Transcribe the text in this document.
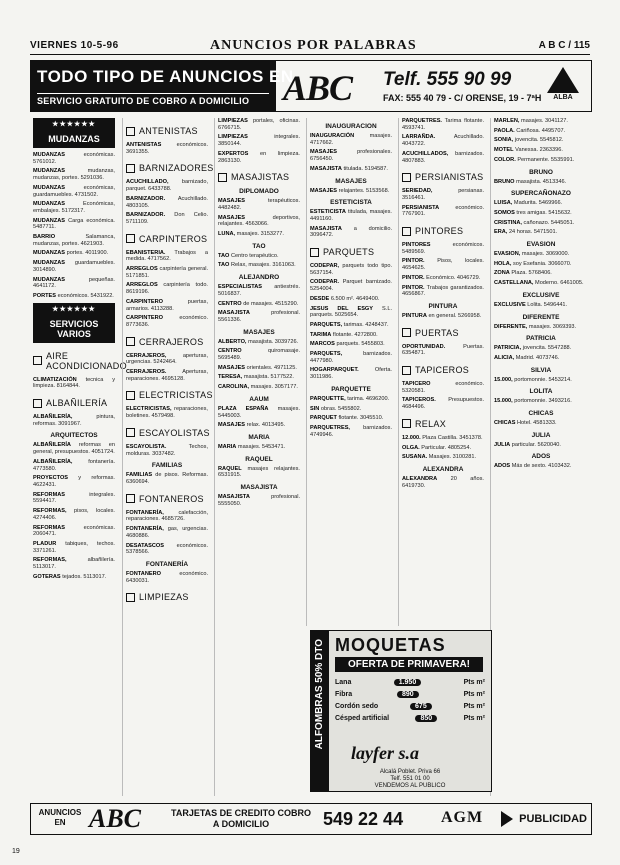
VIERNES 10-5-96	ANUNCIOS POR PALABRAS	A B C / 115
TODO TIPO DE ANUNCIOS EN
SERVICIO GRATUITO DE COBRO A DOMICILIO ABC Telf. 555 90 99
FAX: 555 40 79 - C/ ORENSE, 19 - 7ªH	ALBA
★★★★★★
MUDANZAS

MUDANZAS	económicas. 5761012.

MUDANZAS	mudanzas, mudanzas, portes. 5291036.

MUDANZAS	económicas, guardamuebles. 4731502.

MUDANZAS	Económicas, embalajes. 5172317.

MUDANZAS Carga económica. 5487711.

BARRIO	Salamanca, mudanzas, portes. 4621903.

MUDANZAS portes. 4011900.

MUDANZAS guardamuebles. 3014890.

MUDANZAS	pequeñas. 4641172.

PORTES económicos. 5431922.

★★★★★★
SERVICIOS VARIOS
AIRE ACONDICIONADO

CLIMATIZACIÓN tecnica y limpieza. 8164844.

ALBAÑILERÍA

ALBAÑILERÍA,	pintura, reformas. 3091967.

ARQUITECTOS

ALBAÑILERÍA reformas en general, presupuestos. 4051724.

ALBAÑILERÍA,	fontanería. 4773580.

PROYECTOS y reformas. 4622431.

REFORMAS	integrales. 5594417.

REFORMAS, pisos, locales. 4274406.

REFORMAS	económicas. 2060471.

PLADUR tabiques, techos. 3371261.

REFORMAS,	albañilería. 5113017.

GOTERAS tejados. 5113017.

ANTENISTAS

ANTENISTAS	económicos. 3691355.

BARNIZADORES

ACUCHILLADO, barnizado, parquet. 6433788.

BARNIZADOR. Acuchillado. 4803105.

BARNIZADOR. Don Celio. 5711109.

CARPINTEROS

EBANISTERIA. Trabajos a medida. 4717562.

ARREGLOS carpintería general. 5171851.

ARREGLOS carpintería todo. 8619196.

CARPINTERO	puertas, armarios. 4113288.

CARPINTERO	económico. 8773636.

CERRAJEROS

CERRAJEROS,	aperturas, urgencias. 5242464.

CERRAJEROS.	Aperturas, reparaciones. 4695128.

ELECTRICISTAS

ELECTRICISTAS, reparaciones, boletines. 4579498.

ESCAYOLISTAS

ESCAYOLISTA.	Techos, molduras. 3037482.

FAMILIAS

FAMILIAS de pisos. Reformas. 6360694.

FONTANEROS

FONTANERÍA,	calefacción, reparaciones. 4685726.

FONTANERÍA, gas, urgencias. 4680886.

DESATASCOS económicos. 5378566.

FONTANERÍA

FONTANERO	económico. 6430031.

LIMPIEZAS

LIMPIEZAS portales, oficinas. 6766715.

LIMPIEZAS	integrales. 3850144.

EXPERTOS en limpieza. 2863130.

MASAJISTAS
DIPLOMADO

MASAJES	terapéuticos. 4482482.

MASAJES	deportivos, relajantes. 4563066.

LUNA, masajes. 3153277.

TAO

TAO Centro terapéutico.

TAO Relax, masajes. 3161063.

ALEJANDRO

ESPECIALISTAS antiestrés. 5016837.

CENTRO de masajes. 4515290.

MASAJISTA	profesional. 5561336.

MASAJES

ALBERTO, masajista. 3039726.

CENTRO	quiromasaje. 5695489.

MASAJES orientales. 4971125.

TERESA, masajista. 5177522.

CAROLINA, masajes. 3057177.

AAUM

PLAZA ESPAÑA masajes. 5445003.

MASAJES relax. 4013495.

MARIA

MARIA masajes. 5453471.

RAQUEL

RAQUEL masajes relajantes. 6531915.

MASAJISTA

MASAJISTA	profesional. 5555050.

INAUGURACION

INAUGURACIÓN	masajes. 4717662.

MASAJES	profesionales. 6756450.

MASAJISTA titulada. 5194587.

MASAJES

MASAJES relajantes. 5153568.

ESTETICISTA

ESTETICISTA titulada, masajes. 4491160.

MASAJISTA a domicilio. 3096472.

PARQUETS

CODEPAR, parquets todo tipo. 5637154.

CODEPAR. Parquet barnizado. 5254004.

DESDE 6.500 m². 4649400.

JESUS DEL ESGY S.L. parquets. 5025654.

PARQUETS, tarimas. 4248437.

TARIMA flotante. 4272800.

MARCOS parquets. 5455803.

PARQUETS,	barnizados. 4477980.

HOGARPARQUET.	Oferta. 3011986.

PARQUETTE

PARQUETTE, tarima. 4696200.

SIN obras. 5455802.

PARQUET flotante. 3045510.

PARQUETRES, barnizados. 4749946.

PARQUETRES. Tarima flotante. 4593741.

LARRAÑDA.	Acuchillado. 4043722.

ACUCHILLADOS, barnizados. 4807883.

PERSIANISTAS

SERIEDAD,	persianas. 3516461.

PERSIANISTA	económico. 7767901.

PINTORES

PINTORES	económicos. 5489569.

PINTOR. Pisos, locales. 4654625.

PINTOR. Económico. 4046729.

PINTOR. Trabajos garantizados. 4656867.

PINTURA

PINTURA en general. 5266958.

PUERTAS

OPORTUNIDAD.	Puertas. 6354871.

TAPICEROS

TAPICERO	económico. 5320581.

TAPICEROS. Presupuestos. 4684496.

RELAX

12.000. Plaza Castilla. 3451378.

OLGA. Particular. 4805254.

SUSANA. Masajes. 3100281.

ALEXANDRA

ALEXANDRA 20 años. 6419730.

MARLEN, masajes. 3041127.

PAOLA. Cariñosa. 4495707.

SONIA, jovencita. 5545812.

MOTEL Vanessa. 2363396.

COLOR. Permanente. 5535991.

BRUNO

BRUNO masajista. 4513346.

SUPERCAÑONAZO

LUISA, Madurita. 5469966.

SOMOS tres amigas. 5415632.

CRISTINA, cañonazo. 5445051.

ERA, 24 horas. 5471501.

EVASION

EVASION, masajes. 3069000.

HOLA, soy Esefania. 3066070.

ZONA Plaza. 5768406.

CASTELLANA, Moderno. 6461005.

EXCLUSIVE

EXCLUSIVE Lolita. 5496441.

DIFERENTE

DIFERENTE, masajes. 3069393.

PATRICIA

PATRICIA, jovencita. 5547288.

ALICIA, Madrid. 4073746.

SILVIA

15.000, portomonnie. 5453214.

LOLITA

15.000, portomonnie. 3493216.

CHICAS

CHICAS Hotel. 4581333.

JULIA

JULIA particular. 5620040.

ADOS

ADOS Más de sexto. 4103432.

ALFOMBRAS 50% DTO MOQUETAS
OFERTA DE PRIMAVERA!
Lana	1.950	Pts m²
Fibra	890	Pts m²
Cordón sedo	675	Pts m²
Césped artificial	850	Pts m²
layfer s.a
Alcalá Poblet. Priva 66
Telf. 551 01 00
VENDEMOS AL PUBLICO
ANUNCIOS EN ABC	TARJETAS DE CREDITO COBRO A DOMICILIO	549 22 44 AGM	PUBLICIDAD
19
